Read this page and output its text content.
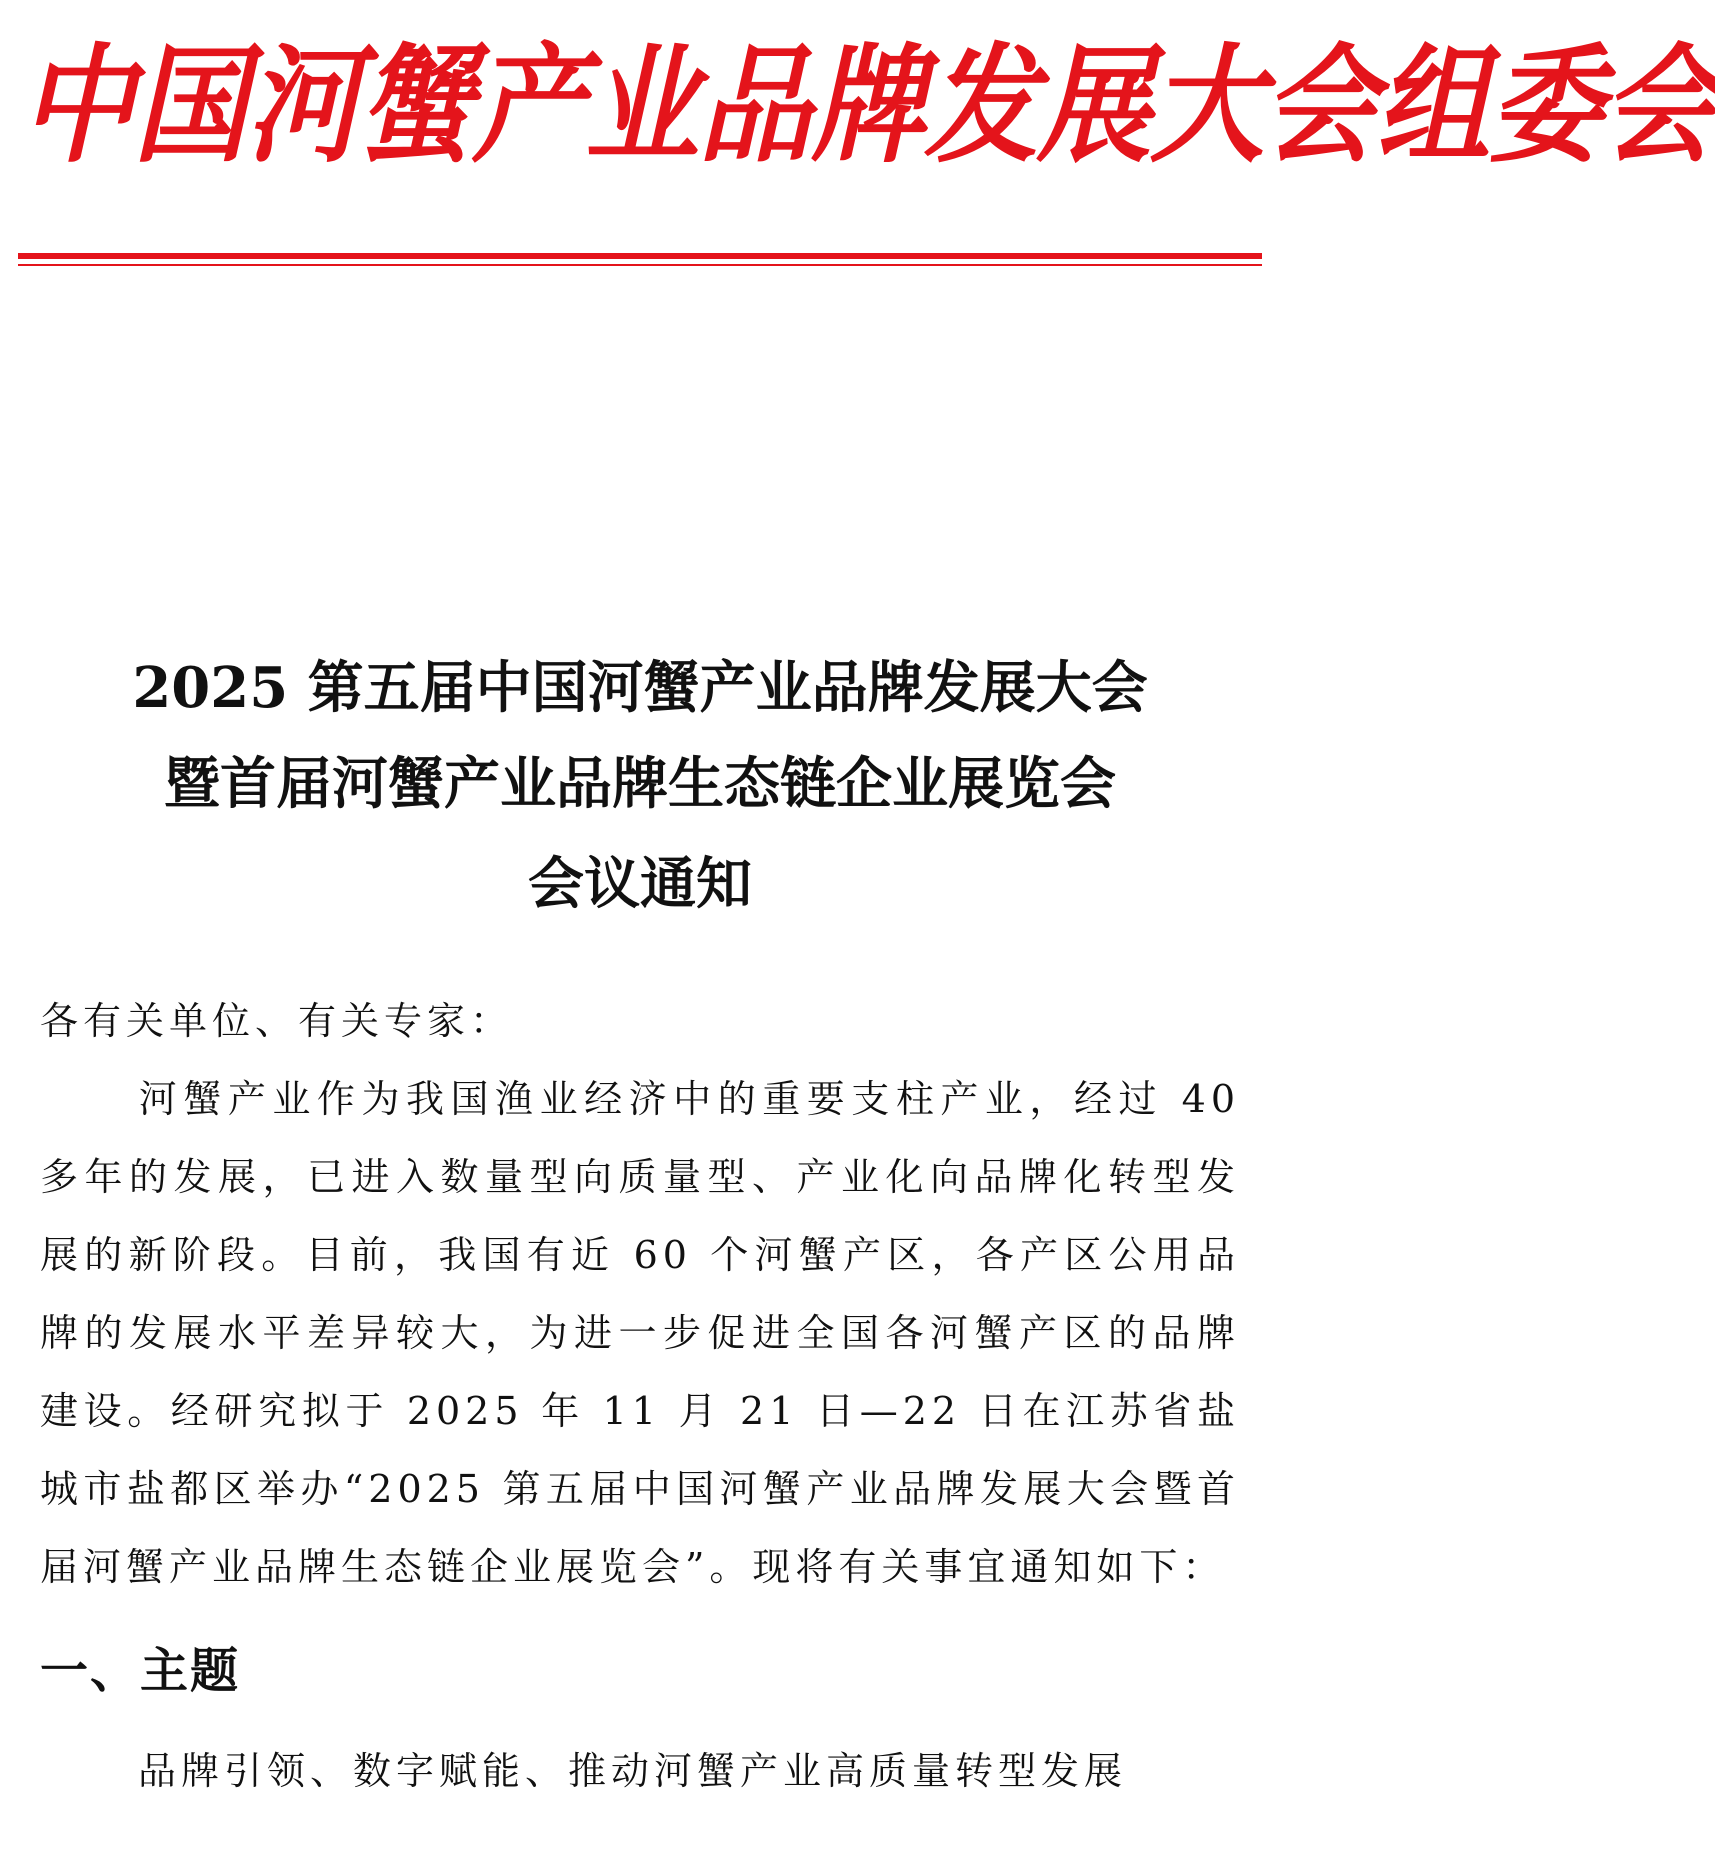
中国河蟹产业品牌发展大会组委会
2025 第五届中国河蟹产业品牌发展大会
暨首届河蟹产业品牌生态链企业展览会
会议通知

各有关单位、有关专家：

河蟹产业作为我国渔业经济中的重要支柱产业，经过 40 多年的发展，已进入数量型向质量型、产业化向品牌化转型发展的新阶段。目前，我国有近 60 个河蟹产区，各产区公用品牌的发展水平差异较大，为进一步促进全国各河蟹产区的品牌建设。经研究拟于 2025 年 11 月 21 日—22 日在江苏省盐城市盐都区举办“2025 第五届中国河蟹产业品牌发展大会暨首届河蟹产业品牌生态链企业展览会”。现将有关事宜通知如下：

一、主题

品牌引领、数字赋能、推动河蟹产业高质量转型发展
